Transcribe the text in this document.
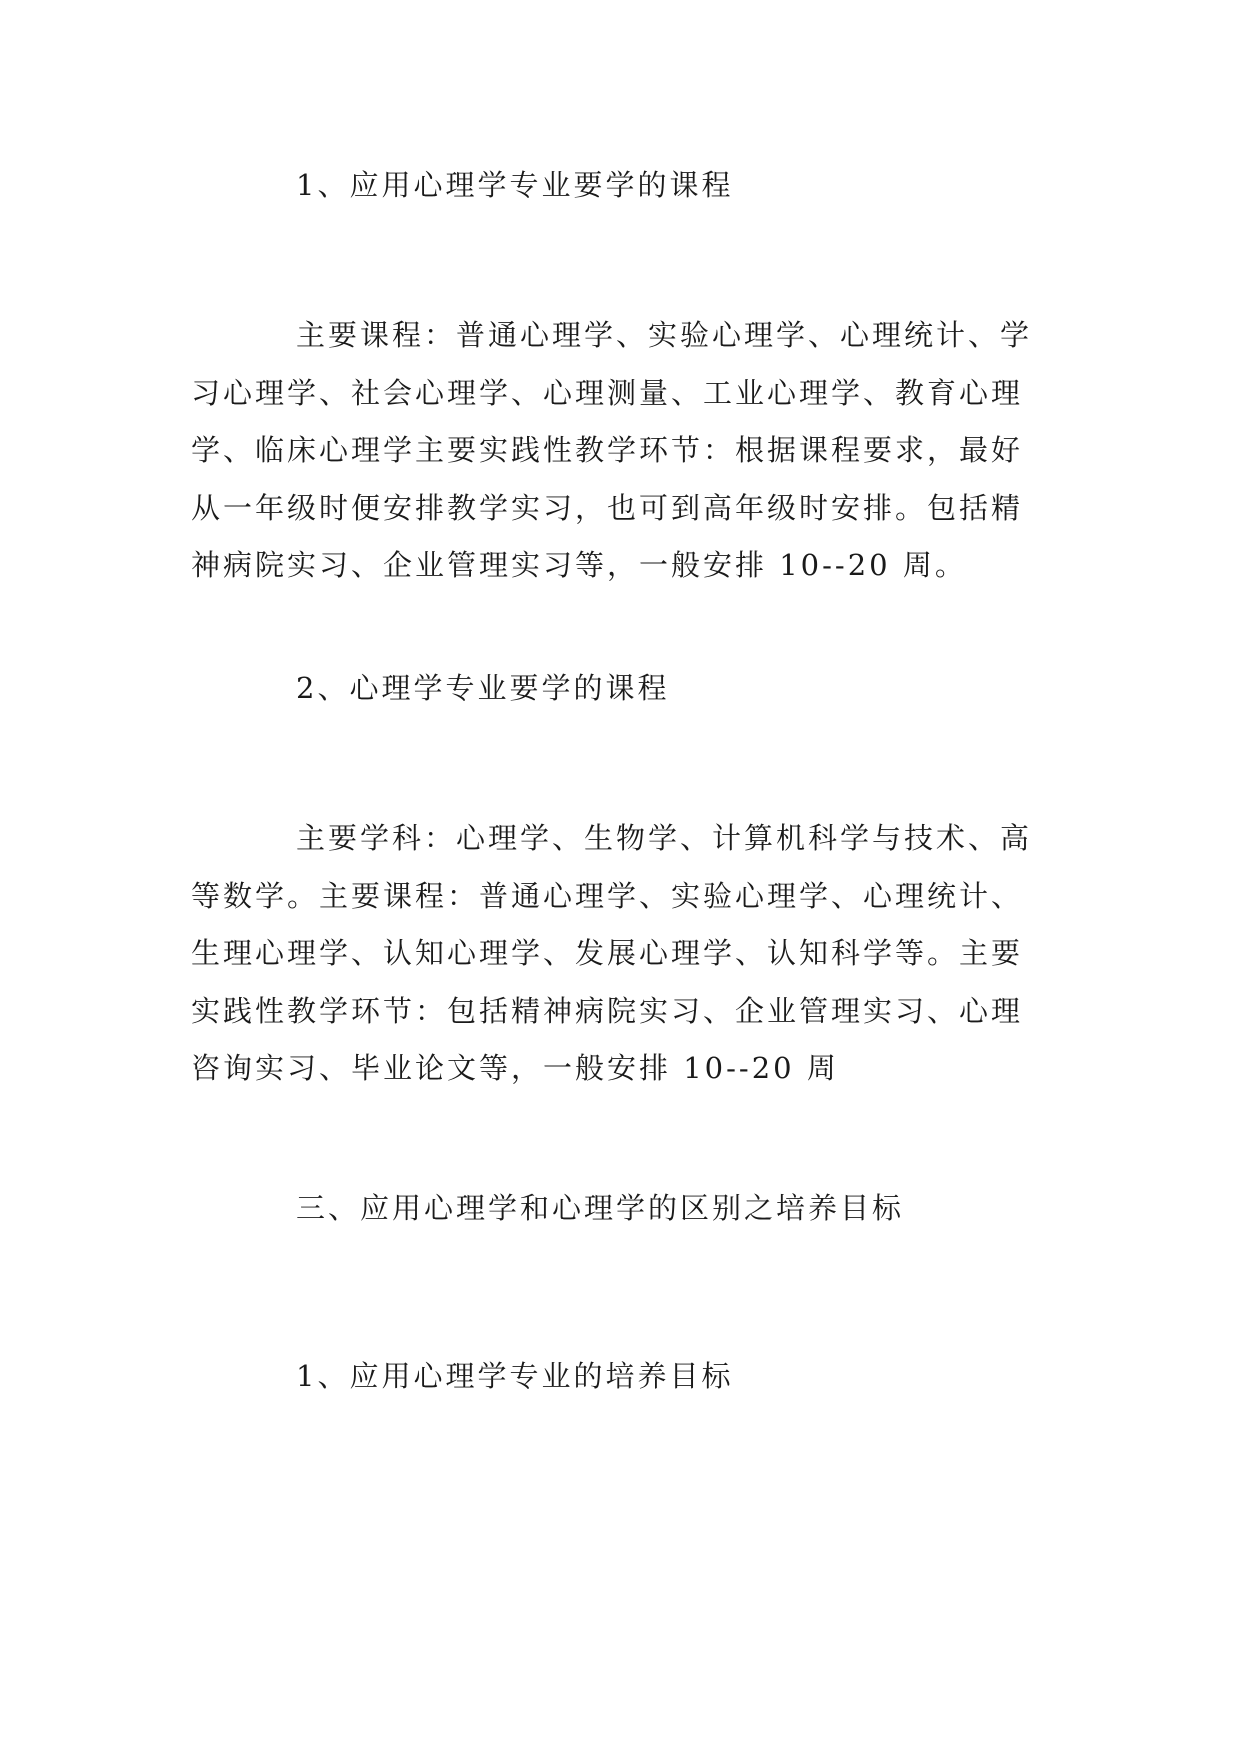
1、应用心理学专业要学的课程
主要课程：普通心理学、实验心理学、心理统计、学
习心理学、社会心理学、心理测量、工业心理学、教育心理
学、临床心理学主要实践性教学环节：根据课程要求，最好
从一年级时便安排教学实习，也可到高年级时安排。包括精
神病院实习、企业管理实习等，一般安排 10--20 周。
2、心理学专业要学的课程
主要学科：心理学、生物学、计算机科学与技术、高
等数学。主要课程：普通心理学、实验心理学、心理统计、
生理心理学、认知心理学、发展心理学、认知科学等。主要
实践性教学环节：包括精神病院实习、企业管理实习、心理
咨询实习、毕业论文等，一般安排 10--20 周
三、应用心理学和心理学的区别之培养目标
1、应用心理学专业的培养目标
